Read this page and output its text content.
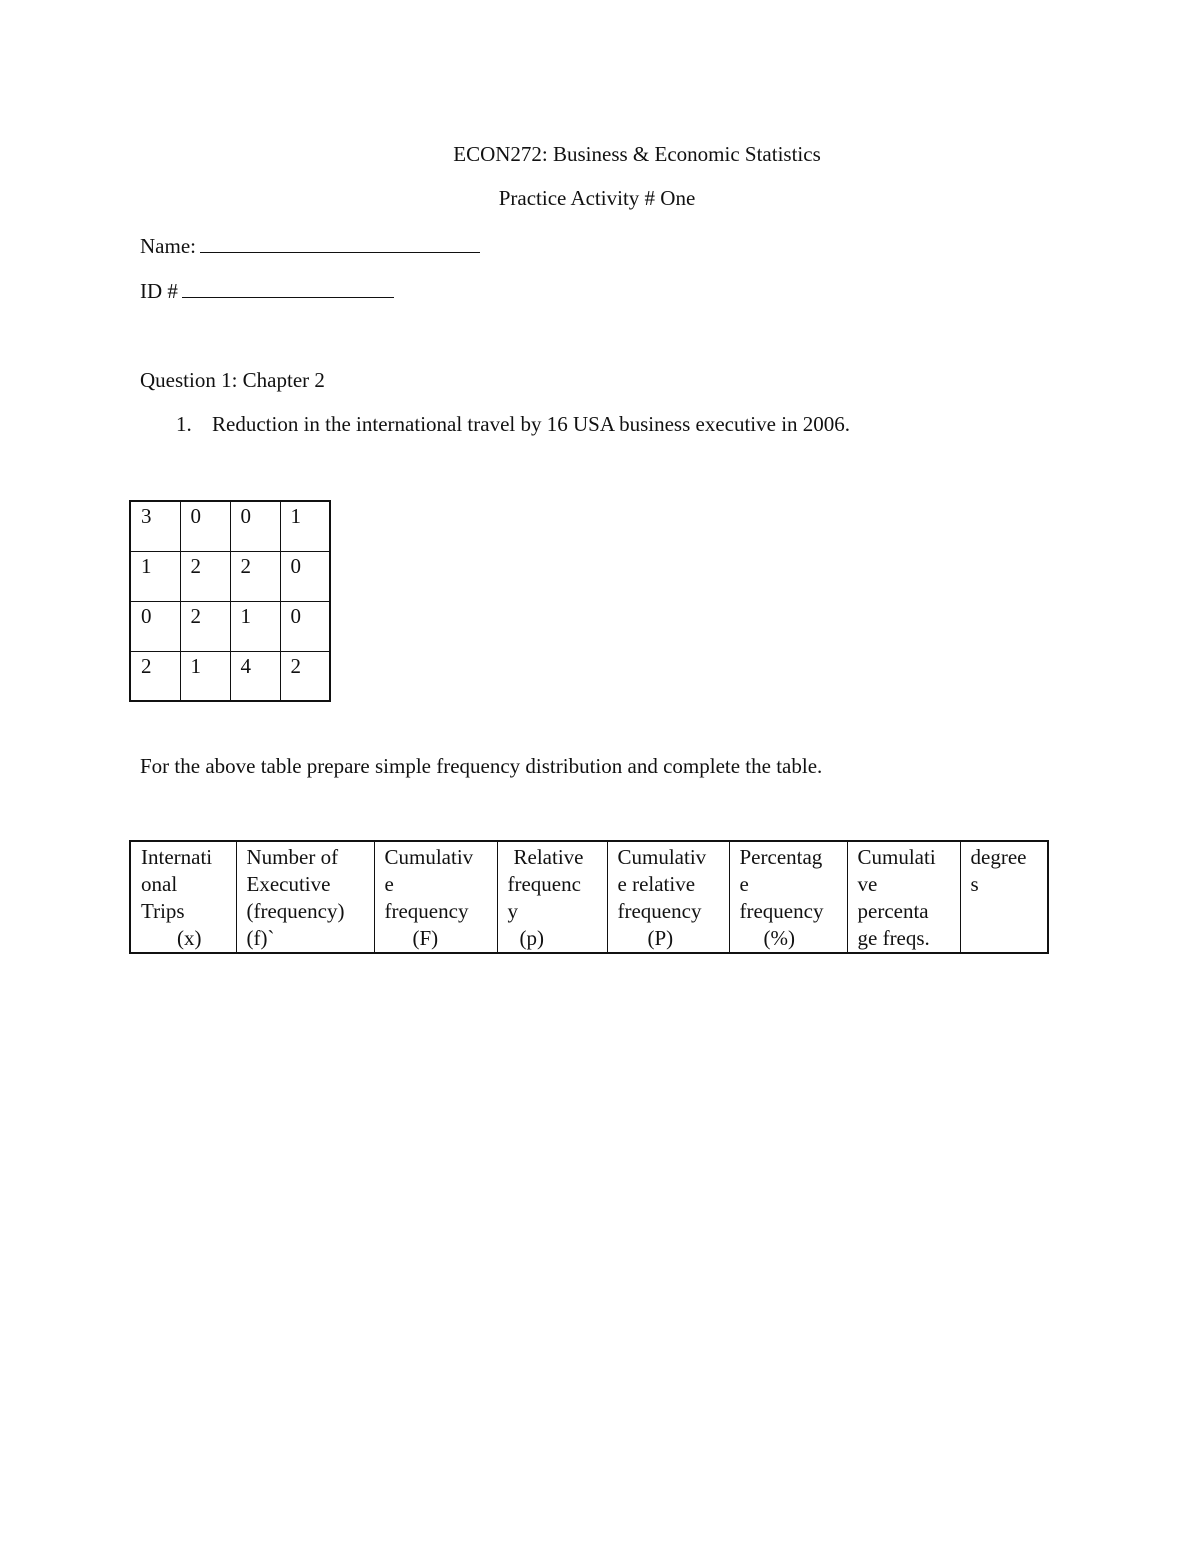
ECON272: Business & Economic Statistics
Practice Activity # One
Name:
ID #
Question 1: Chapter 2
1. Reduction in the international travel by 16 USA business executive in 2006.
3	0	0	1
1	2	2	0
0	2	1	0
2	1	4	2
For the above table prepare simple frequency distribution and complete the table.
Internati
onal
Trips
(x)

Number of
Executive
(frequency)
(f)`

Cumulativ
e
frequency
(F)

Relative
frequenc
y
(p)

Cumulativ
e relative
frequency
(P)

Percentag
e
frequency
(%)

Cumulati
ve
percenta
ge freqs.

degree
s
